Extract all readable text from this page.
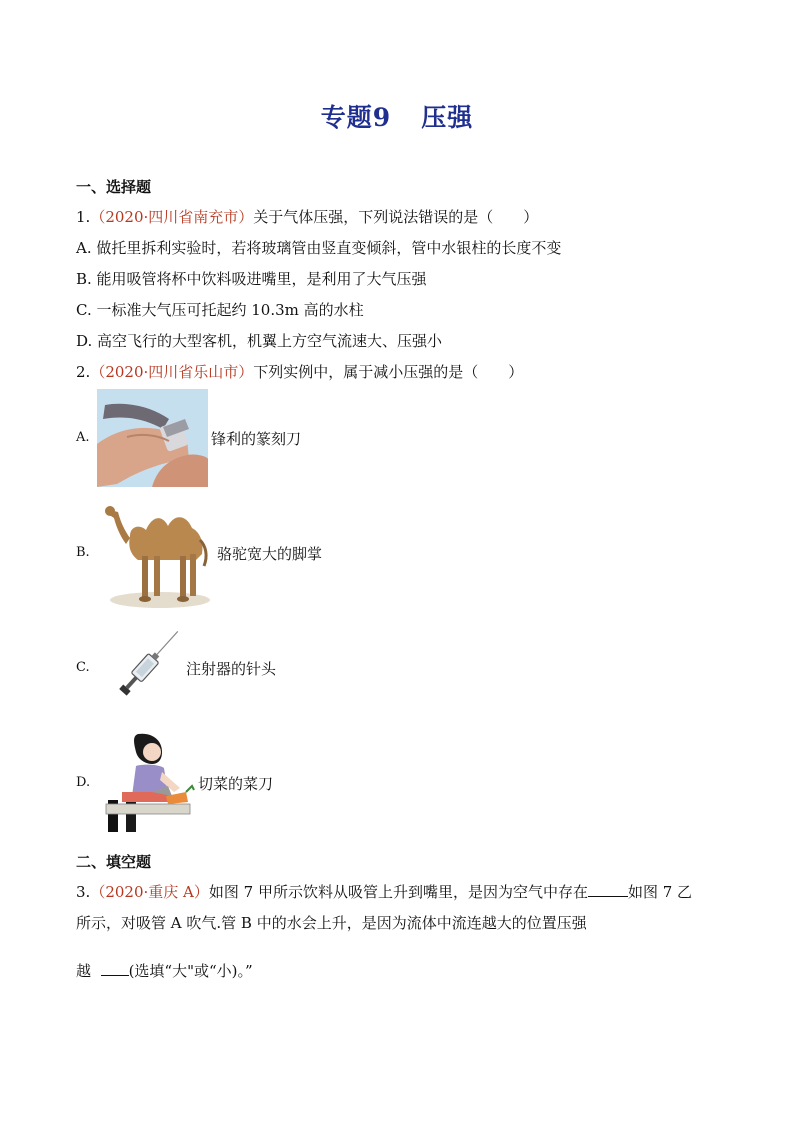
专题9 压强
一、选择题
1.（2020·四川省南充市）关于气体压强，下列说法错误的是（　　）
A. 做托里拆利实验时，若将玻璃管由竖直变倾斜，管中水银柱的长度不变
B. 能用吸管将杯中饮料吸进嘴里，是利用了大气压强
C. 一标准大气压可托起约 10.3m 高的水柱
D. 高空飞行的大型客机，机翼上方空气流速大、压强小
2.（2020·四川省乐山市）下列实例中，属于减小压强的是（　　）
A.	锋利的篆刻刀
B.	骆驼宽大的脚掌
C.	注射器的针头
D.	切菜的菜刀
二、填空题
3.（2020·重庆 A）如图 7 甲所示饮料从吸管上升到嘴里，是因为空气中存在	如图 7 乙
所示，对吸管 A 吹气.管 B 中的水会上升，是因为流体中流连越大的位置压强
越	(选填“大"或“小)。”
